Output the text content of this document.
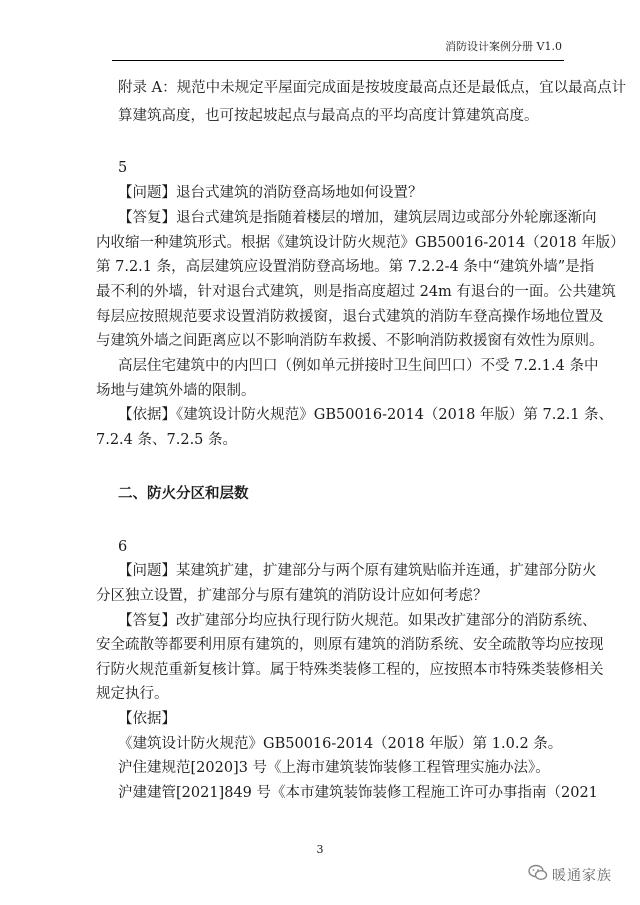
消防设计案例分册 V1.0
附录 A：规范中未规定平屋面完成面是按坡度最高点还是最低点，宜以最高点计
算建筑高度，也可按起坡起点与最高点的平均高度计算建筑高度。
5
【问题】退台式建筑的消防登高场地如何设置？
【答复】退台式建筑是指随着楼层的增加，建筑层周边或部分外轮廓逐渐向
内收缩一种建筑形式。根据《建筑设计防火规范》GB50016-2014（2018 年版）
第 7.2.1 条，高层建筑应设置消防登高场地。第 7.2.2-4 条中“建筑外墙”是指
最不利的外墙，针对退台式建筑，则是指高度超过 24m 有退台的一面。公共建筑
每层应按照规范要求设置消防救援窗，退台式建筑的消防车登高操作场地位置及
与建筑外墙之间距离应以不影响消防车救援、不影响消防救援窗有效性为原则。
高层住宅建筑中的内凹口（例如单元拼接时卫生间凹口）不受 7.2.1.4 条中
场地与建筑外墙的限制。
【依据】《建筑设计防火规范》GB50016-2014（2018 年版）第 7.2.1 条、
7.2.4 条、7.2.5 条。
二、防火分区和层数
6
【问题】某建筑扩建，扩建部分与两个原有建筑贴临并连通，扩建部分防火
分区独立设置，扩建部分与原有建筑的消防设计应如何考虑？
【答复】改扩建部分均应执行现行防火规范。如果改扩建部分的消防系统、
安全疏散等都要利用原有建筑的，则原有建筑的消防系统、安全疏散等均应按现
行防火规范重新复核计算。属于特殊类装修工程的，应按照本市特殊类装修相关
规定执行。
【依据】
《建筑设计防火规范》GB50016-2014（2018 年版）第 1.0.2 条。
沪住建规范[2020]3 号《上海市建筑装饰装修工程管理实施办法》。
沪建建管[2021]849 号《本市建筑装饰装修工程施工许可办事指南（2021
3
暖通家族
